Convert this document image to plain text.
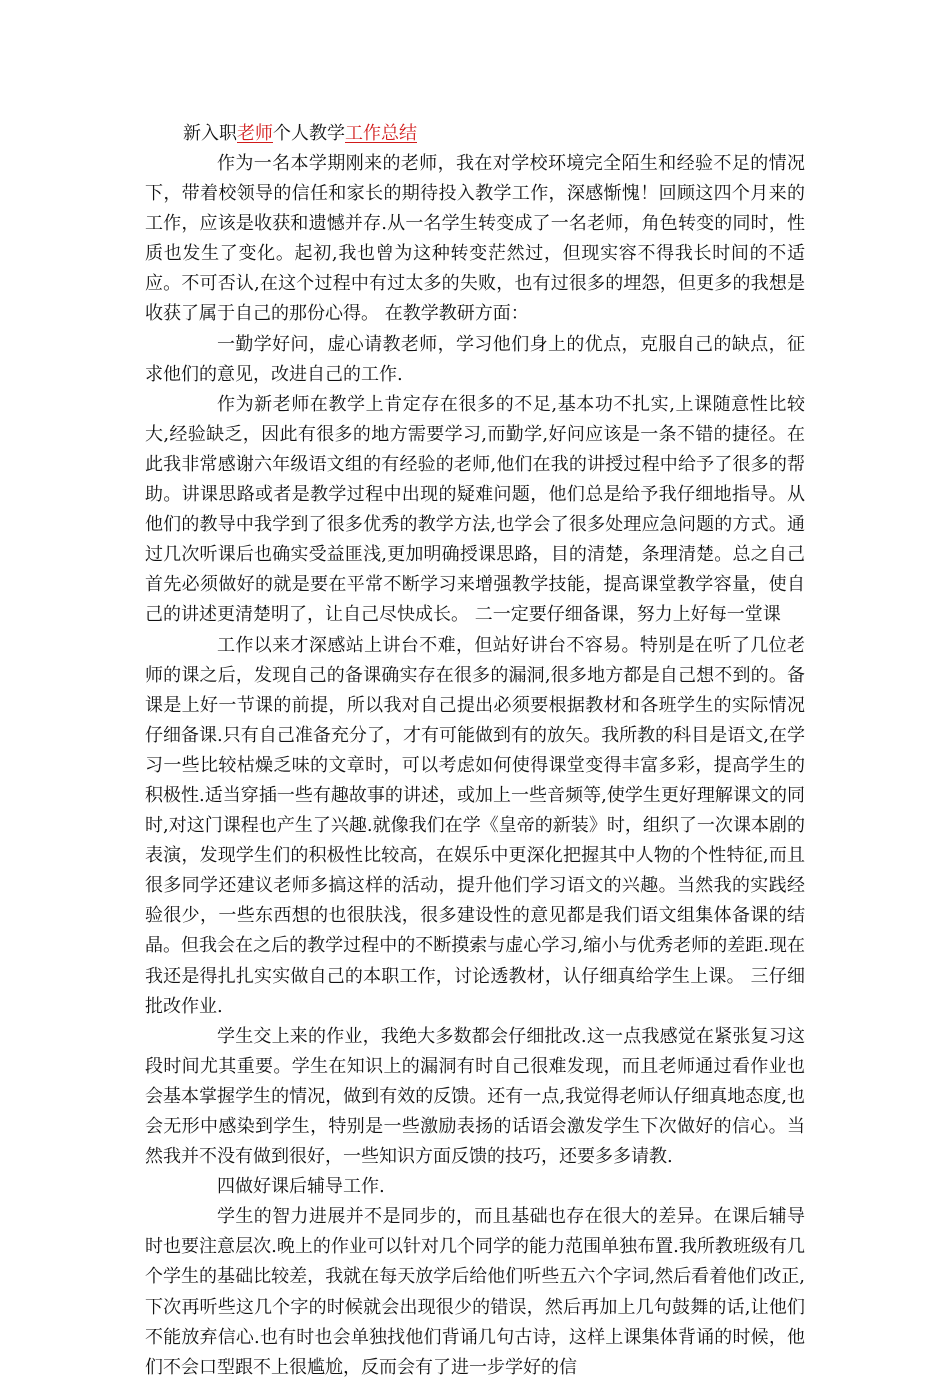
新入职老师个人教学工作总结

作为一名本学期刚来的老师，我在对学校环境完全陌生和经验不足的情况下，带着校领导的信任和家长的期待投入教学工作，深感惭愧！回顾这四个月来的工作，应该是收获和遗憾并存.从一名学生转变成了一名老师，角色转变的同时，性质也发生了变化。起初,我也曾为这种转变茫然过，但现实容不得我长时间的不适应。不可否认,在这个过程中有过太多的失败，也有过很多的埋怨，但更多的我想是收获了属于自己的那份心得。 在教学教研方面：

一勤学好问，虚心请教老师，学习他们身上的优点，克服自己的缺点，征求他们的意见，改进自己的工作.

作为新老师在教学上肯定存在很多的不足,基本功不扎实,上课随意性比较大,经验缺乏，因此有很多的地方需要学习,而勤学,好问应该是一条不错的捷径。在此我非常感谢六年级语文组的有经验的老师,他们在我的讲授过程中给予了很多的帮助。讲课思路或者是教学过程中出现的疑难问题，他们总是给予我仔细地指导。从他们的教导中我学到了很多优秀的教学方法,也学会了很多处理应急问题的方式。通过几次听课后也确实受益匪浅,更加明确授课思路，目的清楚，条理清楚。总之自己首先必须做好的就是要在平常不断学习来增强教学技能，提高课堂教学容量，使自己的讲述更清楚明了，让自己尽快成长。 二一定要仔细备课，努力上好每一堂课

工作以来才深感站上讲台不难，但站好讲台不容易。特别是在听了几位老师的课之后，发现自己的备课确实存在很多的漏洞,很多地方都是自己想不到的。备课是上好一节课的前提，所以我对自己提出必须要根据教材和各班学生的实际情况仔细备课.只有自己准备充分了，才有可能做到有的放矢。我所教的科目是语文,在学习一些比较枯燥乏味的文章时，可以考虑如何使得课堂变得丰富多彩，提高学生的积极性.适当穿插一些有趣故事的讲述，或加上一些音频等,使学生更好理解课文的同时,对这门课程也产生了兴趣.就像我们在学《皇帝的新装》时，组织了一次课本剧的表演，发现学生们的积极性比较高，在娱乐中更深化把握其中人物的个性特征,而且很多同学还建议老师多搞这样的活动，提升他们学习语文的兴趣。当然我的实践经验很少，一些东西想的也很肤浅，很多建设性的意见都是我们语文组集体备课的结晶。但我会在之后的教学过程中的不断摸索与虚心学习,缩小与优秀老师的差距.现在我还是得扎扎实实做自己的本职工作，讨论透教材，认仔细真给学生上课。 三仔细批改作业.

学生交上来的作业，我绝大多数都会仔细批改.这一点我感觉在紧张复习这段时间尤其重要。学生在知识上的漏洞有时自己很难发现，而且老师通过看作业也会基本掌握学生的情况，做到有效的反馈。还有一点,我觉得老师认仔细真地态度,也会无形中感染到学生，特别是一些激励表扬的话语会激发学生下次做好的信心。当然我并不没有做到很好，一些知识方面反馈的技巧，还要多多请教.

四做好课后辅导工作.

学生的智力进展并不是同步的，而且基础也存在很大的差异。在课后辅导时也要注意层次.晚上的作业可以针对几个同学的能力范围单独布置.我所教班级有几个学生的基础比较差，我就在每天放学后给他们听些五六个字词,然后看着他们改正,下次再听些这几个字的时候就会出现很少的错误，然后再加上几句鼓舞的话,让他们不能放弃信心.也有时也会单独找他们背诵几句古诗，这样上课集体背诵的时候，他们不会口型跟不上很尴尬，反而会有了进一步学好的信
